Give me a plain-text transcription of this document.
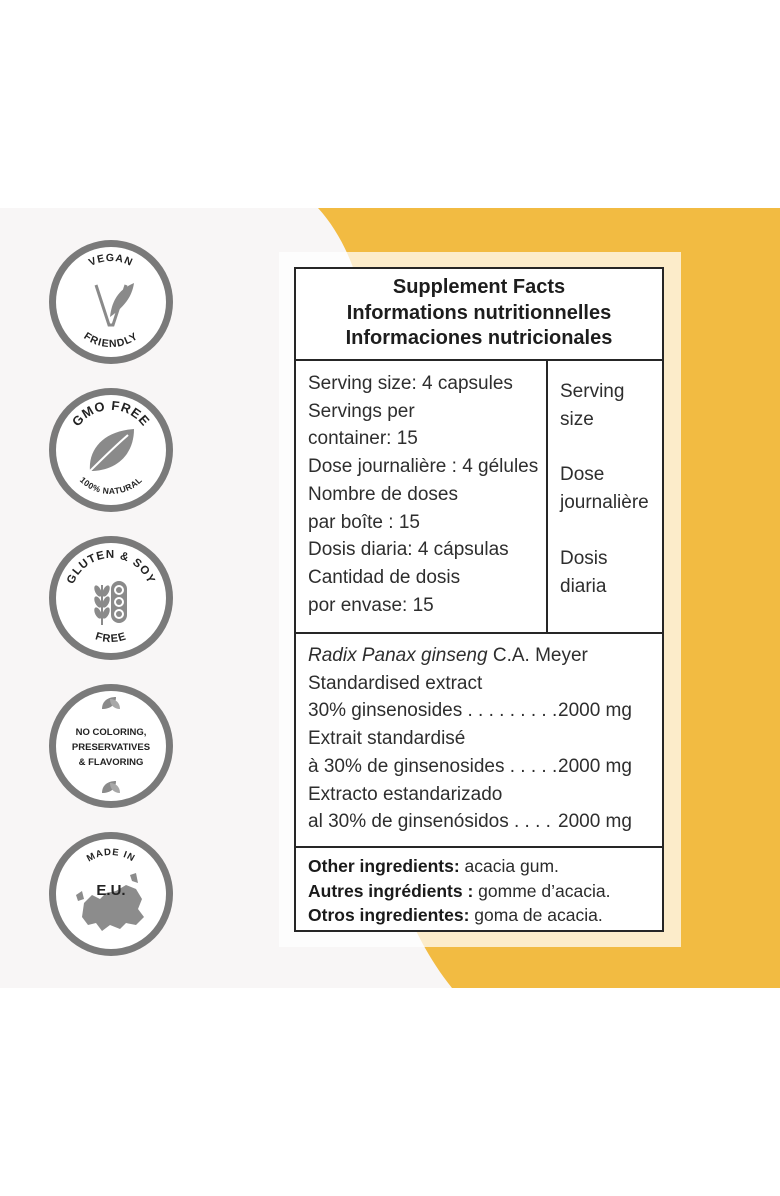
VEGAN
FRIENDLY
GMO FREE
100% NATURAL
GLUTEN & SOY
FREE
NO COLORING,
PRESERVATIVES
& FLAVORING
MADE IN
E.U.
Supplement Facts
Informations nutritionnelles
Informaciones nutricionales
Serving size: 4 capsules
Servings per
container: 15
Dose journalière : 4 gélules
Nombre de doses
par boîte : 15
Dosis diaria: 4 cápsulas
Cantidad de dosis
por envase: 15
Serving
size
Dose
journalière
Dosis
diaria
Radix Panax ginseng C.A. Meyer
Standardised extract
30% ginsenosides . . . . . . . . . 2000 mg
Extrait standardisé
à 30% de ginsenosides . . . . . 2000 mg
Extracto estandarizado
al 30% de ginsenósidos . . . . 2000 mg
Other ingredients: acacia gum.
Autres ingrédients : gomme d’acacia.
Otros ingredientes: goma de acacia.
